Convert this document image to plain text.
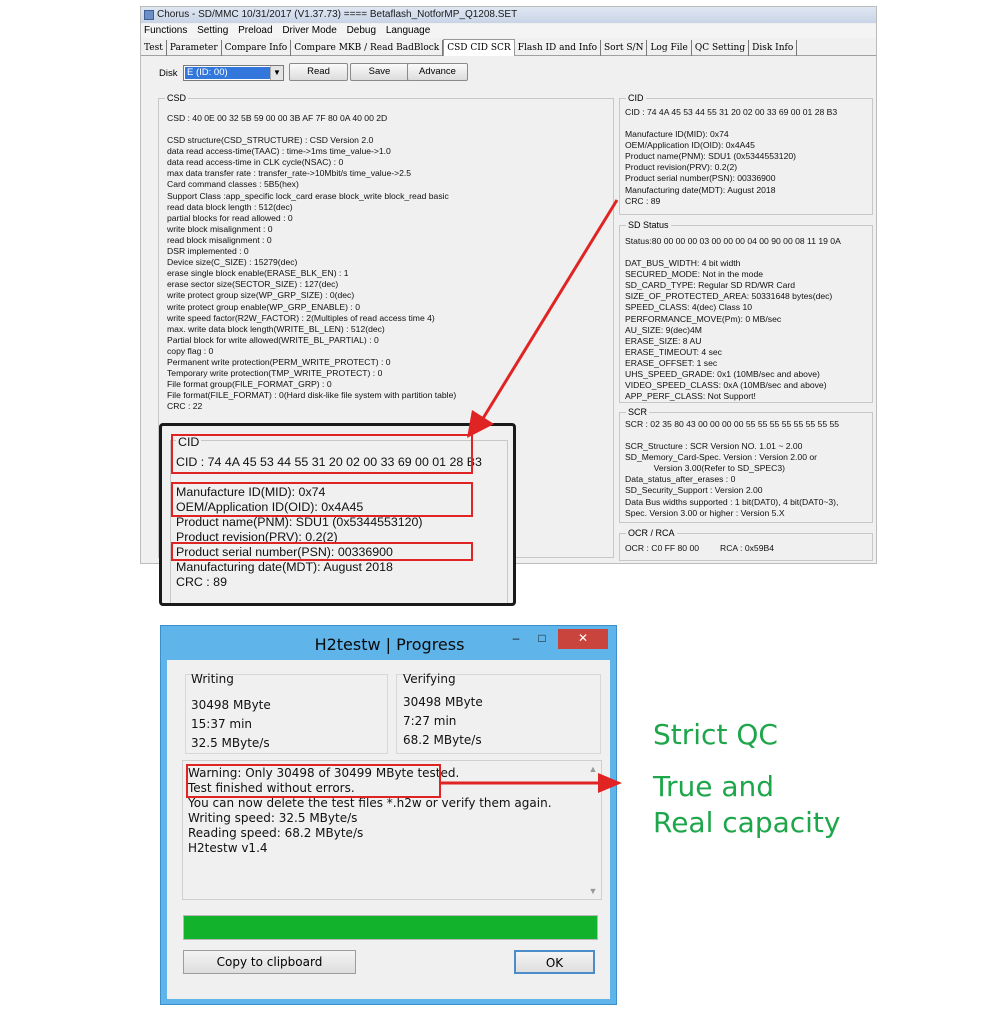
Chorus - SD/MMC 10/31/2017 (V1.37.73) ==== Betaflash_NotforMP_Q1208.SET
Functions Setting Preload Driver Mode Debug Language
Test Parameter Compare Info Compare MKB / Read BadBlock CSD CID SCR Flash ID and Info Sort S/N Log File QC Setting Disk Info
Disk E (ID: 00)	▼	Read	Save	Advance
CSD
CSD : 40 0E 00 32 5B 59 00 00 3B AF 7F 80 0A 40 00 2D
CSD structure(CSD_STRUCTURE) : CSD Version 2.0
data read access-time(TAAC) : time->1ms time_value->1.0
data read access-time in CLK cycle(NSAC) : 0
max data transfer rate : transfer_rate->10Mbit/s time_value->2.5
Card command classes : 5B5(hex)
Support Class :app_specific lock_card erase block_write block_read basic
read data block length : 512(dec)
partial blocks for read allowed : 0
write block misalignment : 0
read block misalignment : 0
DSR implemented : 0
Device size(C_SIZE) : 15279(dec)
erase single block enable(ERASE_BLK_EN) : 1
erase sector size(SECTOR_SIZE) : 127(dec)
write protect group size(WP_GRP_SIZE) : 0(dec)
write protect group enable(WP_GRP_ENABLE) : 0
write speed factor(R2W_FACTOR) : 2(Multiples of read access time 4)
max. write data block length(WRITE_BL_LEN) : 512(dec)
Partial block for write allowed(WRITE_BL_PARTIAL) : 0
copy flag : 0
Permanent write protection(PERM_WRITE_PROTECT) : 0
Temporary write protection(TMP_WRITE_PROTECT) : 0
File format group(FILE_FORMAT_GRP) : 0
File format(FILE_FORMAT) : 0(Hard disk-like file system with partition table)
CRC : 22
CID
CID : 74 4A 45 53 44 55 31 20 02 00 33 69 00 01 28 B3
Manufacture ID(MID): 0x74
OEM/Application ID(OID): 0x4A45
Product name(PNM): SDU1 (0x5344553120)
Product revision(PRV): 0.2(2)
Product serial number(PSN): 00336900
Manufacturing date(MDT): August 2018
CRC : 89
SD Status
Status:80 00 00 00 03 00 00 00 04 00 90 00 08 11 19 0A
DAT_BUS_WIDTH: 4 bit width
SECURED_MODE: Not in the mode
SD_CARD_TYPE: Regular SD RD/WR Card
SIZE_OF_PROTECTED_AREA: 50331648 bytes(dec)
SPEED_CLASS: 4(dec) Class 10
PERFORMANCE_MOVE(Pm): 0 MB/sec
AU_SIZE: 9(dec)4M
ERASE_SIZE: 8 AU
ERASE_TIMEOUT: 4 sec
ERASE_OFFSET: 1 sec
UHS_SPEED_GRADE: 0x1 (10MB/sec and above)
VIDEO_SPEED_CLASS: 0xA (10MB/sec and above)
APP_PERF_CLASS: Not Support!
SCR
SCR : 02 35 80 43 00 00 00 00 55 55 55 55 55 55 55 55
SCR_Structure : SCR Version NO. 1.01 ~ 2.00
SD_Memory_Card-Spec. Version : Version 2.00 or
Version 3.00(Refer to SD_SPEC3)
Data_status_after_erases : 0
SD_Security_Support : Version 2.00
Data Bus widths supported : 1 bit(DAT0), 4 bit(DAT0~3),
Spec. Version 3.00 or higher : Version 5.X
OCR / RCA
OCR : C0 FF 80 00 RCA : 0x59B4
CID
CID : 74 4A 45 53 44 55 31 20 02 00 33 69 00 01 28 B3
Manufacture ID(MID): 0x74
OEM/Application ID(OID): 0x4A45
Product name(PNM): SDU1 (0x5344553120)
Product revision(PRV): 0.2(2)
Product serial number(PSN): 00336900
Manufacturing date(MDT): August 2018
CRC : 89
H2testw | Progress	–	□	✕
Writing
30498 MByte
15:37 min
32.5 MByte/s
Verifying
30498 MByte
7:27 min
68.2 MByte/s
Warning: Only 30498 of 30499 MByte tested.
Test finished without errors.
You can now delete the test files *.h2w or verify them again.
Writing speed: 32.5 MByte/s
Reading speed: 68.2 MByte/s
H2testw v1.4
▲
▼
Copy to clipboard	OK
Strict QC
True and
Real capacity
